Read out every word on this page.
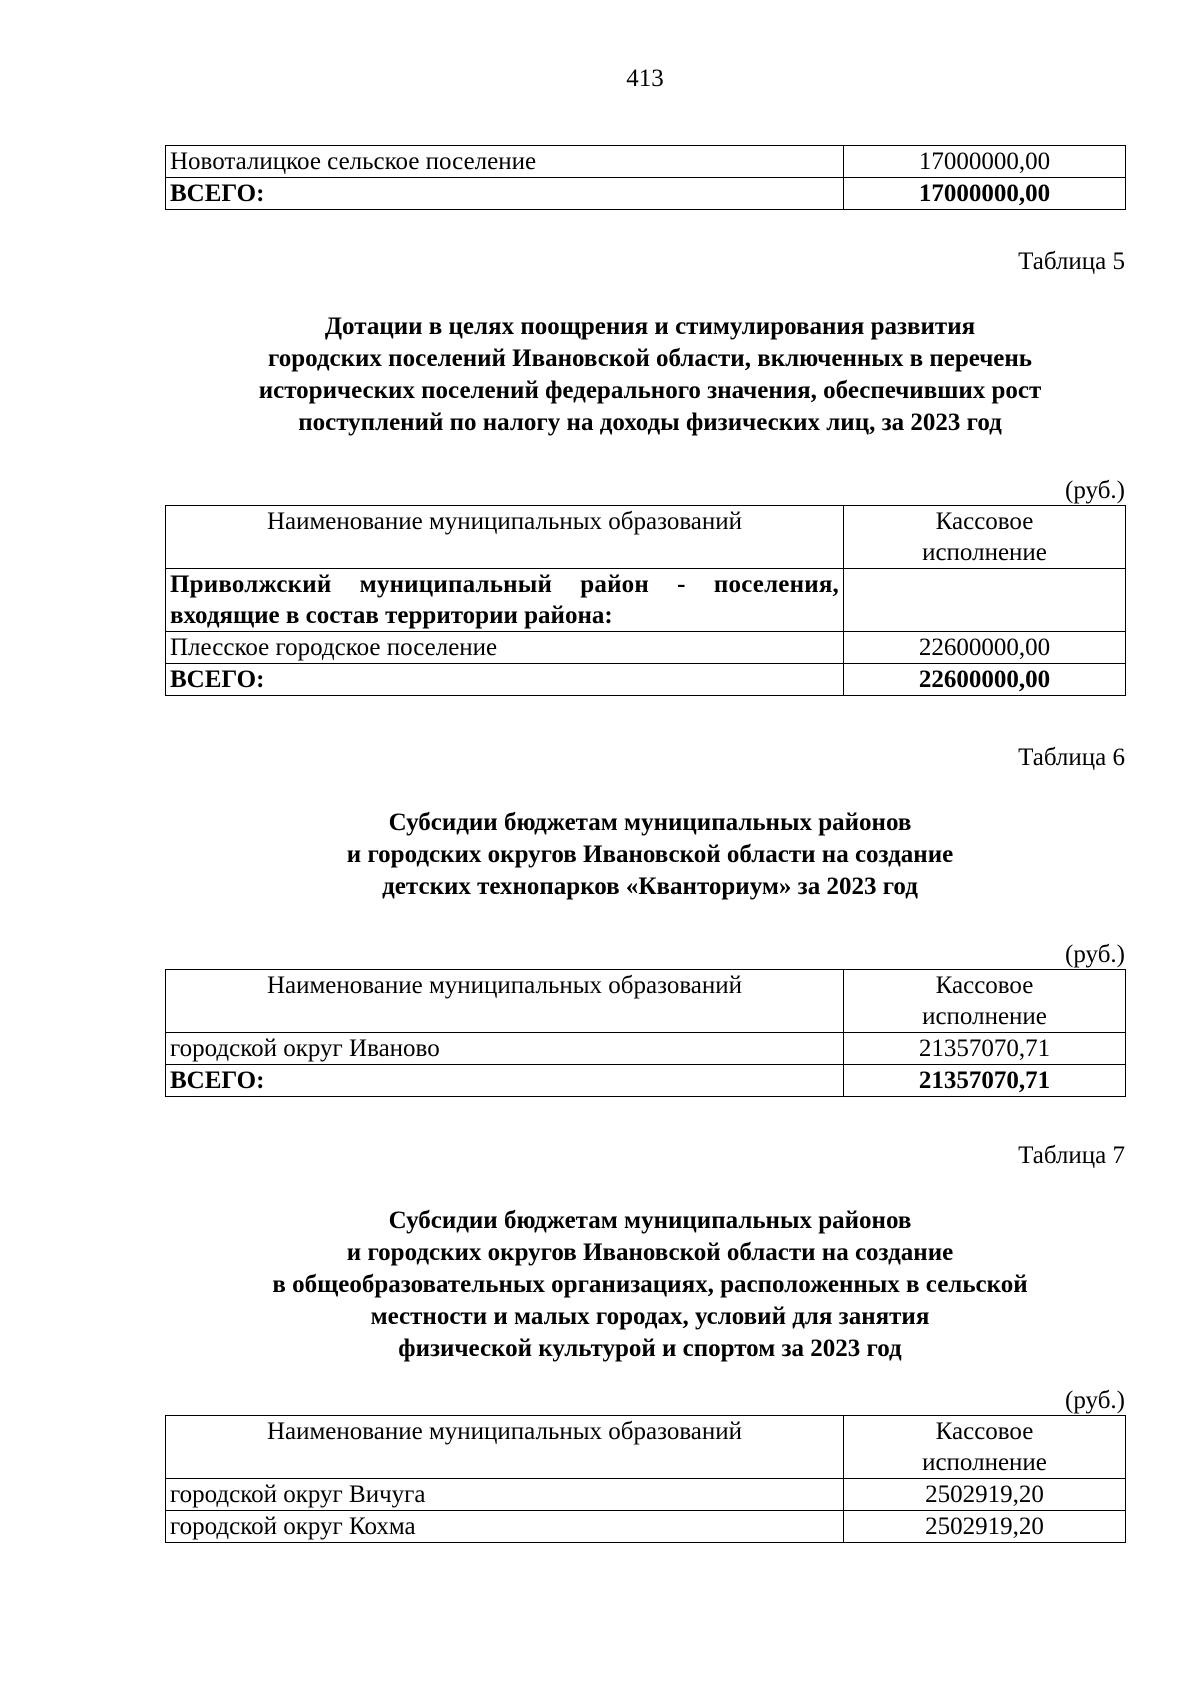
413
Новоталицкое сельское поселение	17000000,00
ВСЕГО:	17000000,00
Таблица 5
Дотации в целях поощрения и стимулирования развития
городских поселений Ивановской области, включенных в перечень
исторических поселений федерального значения, обеспечивших рост
поступлений по налогу на доходы физических лиц, за 2023 год
(руб.)
Наименование муниципальных образований	Кассовое
исполнение

Приволжский муниципальный район - поселения,
входящие в состав территории района:	

Плесское городское поселение	22600000,00
ВСЕГО:	22600000,00
Таблица 6
Субсидии бюджетам муниципальных районов
и городских округов Ивановской области на создание
детских технопарков «Кванториум» за 2023 год
(руб.)
Наименование муниципальных образований	Кассовое
исполнение

городской округ Иваново	21357070,71
ВСЕГО:	21357070,71
Таблица 7
Субсидии бюджетам муниципальных районов
и городских округов Ивановской области на создание
в общеобразовательных организациях, расположенных в сельской
местности и малых городах, условий для занятия
физической культурой и спортом за 2023 год
(руб.)
Наименование муниципальных образований	Кассовое
исполнение

городской округ Вичуга	2502919,20
городской округ Кохма	2502919,20
